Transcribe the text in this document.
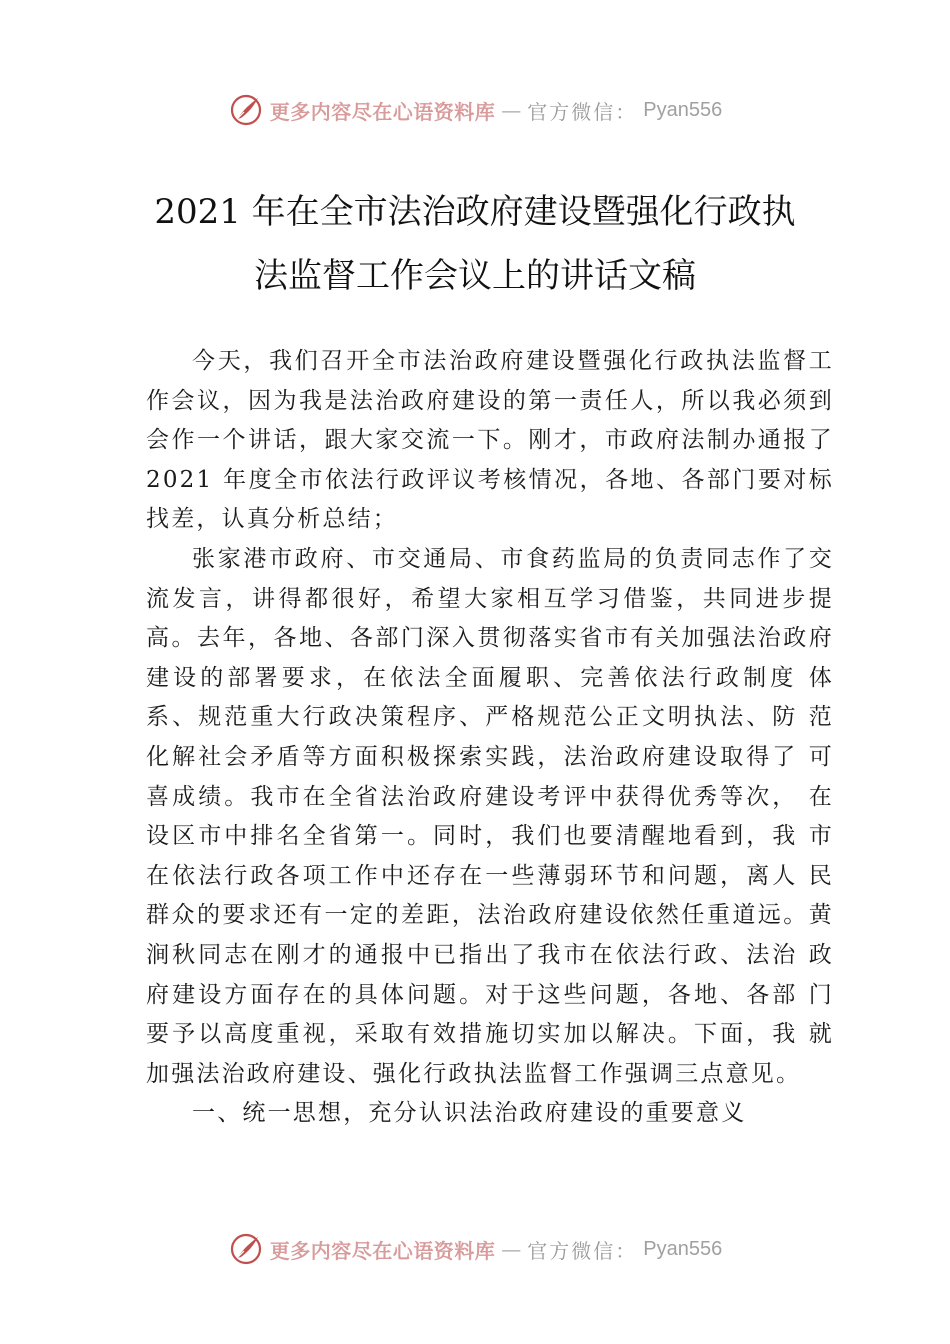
更多内容尽在心语资料库 — 官方微信： Pyan556
2021 年在全市法治政府建设暨强化行政执
法监督工作会议上的讲话文稿

今天，我们召开全市法治政府建设暨强化行政执法监督工作会议，因为我是法治政府建设的第一责任人，所以我必须到会作一个讲话，跟大家交流一下。刚才，市政府法制办通报了 2021 年度全市依法行政评议考核情况，各地、各部门要对标找差，认真分析总结；

张家港市政府、市交通局、市食药监局的负责同志作了交流发言，讲得都很好，希望大家相互学习借鉴，共同进步提高。去年，各地、各部门深入贯彻落实省市有关加强法治政府建设的部署要求，在依法全面履职、完善依法行政制度 体系、规范重大行政决策程序、严格规范公正文明执法、防 范化解社会矛盾等方面积极探索实践，法治政府建设取得了 可喜成绩。我市在全省法治政府建设考评中获得优秀等次， 在设区市中排名全省第一。同时，我们也要清醒地看到，我 市在依法行政各项工作中还存在一些薄弱环节和问题，离人 民群众的要求还有一定的差距，法治政府建设依然任重道远。黄涧秋同志在刚才的通报中已指出了我市在依法行政、法治 政府建设方面存在的具体问题。对于这些问题，各地、各部 门要予以高度重视，采取有效措施切实加以解决。下面，我 就加强法治政府建设、强化行政执法监督工作强调三点意见。

一、统一思想，充分认识法治政府建设的重要意义

更多内容尽在心语资料库 — 官方微信： Pyan556
